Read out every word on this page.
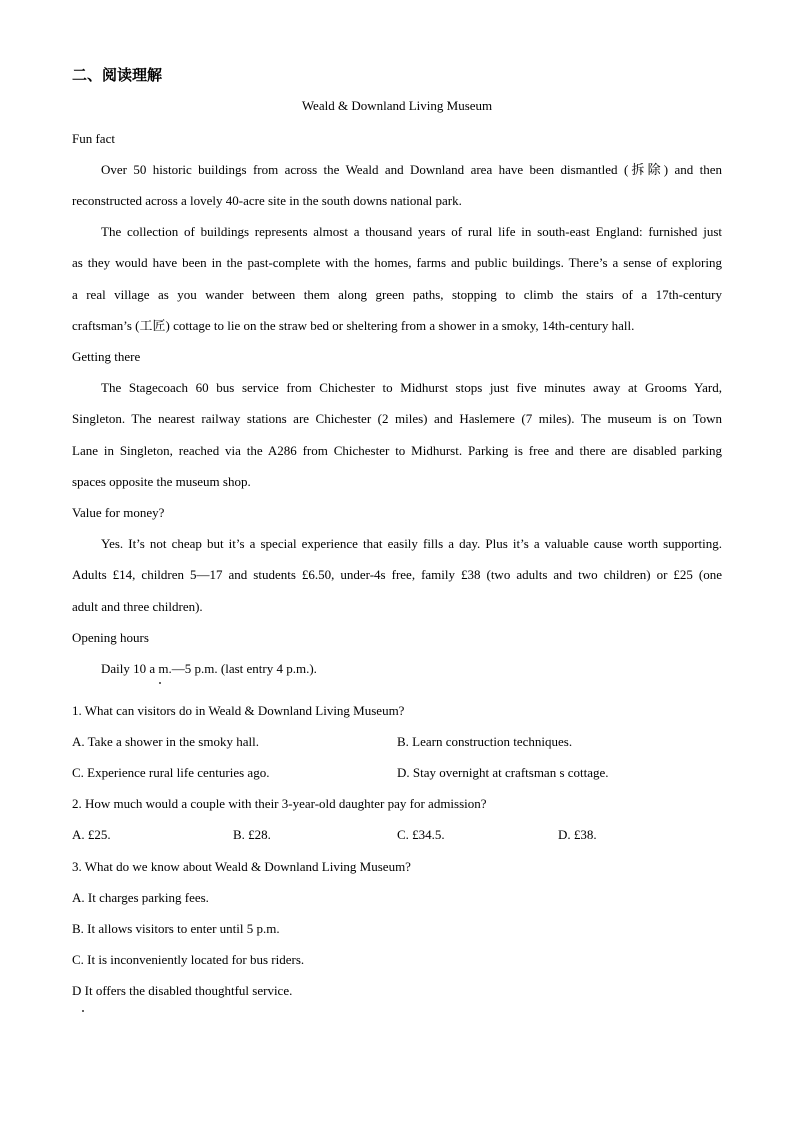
二、阅读理解
Weald & Downland Living Museum
Fun fact
Over 50 historic buildings from across the Weald and Downland area have been dismantled (拆除) and then
reconstructed across a lovely 40-acre site in the south downs national park.
The collection of buildings represents almost a thousand years of rural life in south-east England: furnished just
as they would have been in the past-complete with the homes, farms and public buildings. There’s a sense of exploring
a real village as you wander between them along green paths, stopping to climb the stairs of a 17th-century
craftsman’s (工匠) cottage to lie on the straw bed or sheltering from a shower in a smoky, 14th-century hall.
Getting there
The Stagecoach 60 bus service from Chichester to Midhurst stops just five minutes away at Grooms Yard,
Singleton. The nearest railway stations are Chichester (2 miles) and Haslemere (7 miles). The museum is on Town
Lane in Singleton, reached via the A286 from Chichester to Midhurst. Parking is free and there are disabled parking
spaces opposite the museum shop.
Value for money?
Yes. It’s not cheap but it’s a special experience that easily fills a day. Plus it’s a valuable cause worth supporting.
Adults £14, children 5—17 and students £6.50, under-4s free, family £38 (two adults and two children) or £25 (one
adult and three children).
Opening hours
Daily 10 a m.—5 p.m. (last entry 4 p.m.).
1. What can visitors do in Weald & Downland Living Museum?
A. Take a shower in the smoky hall.	B. Learn construction techniques.
C. Experience rural life centuries ago.	D. Stay overnight at craftsman s cottage.
2. How much would a couple with their 3-year-old daughter pay for admission?
A. £25.	B. £28.	C. £34.5.	D. £38.
3. What do we know about Weald & Downland Living Museum?
A. It charges parking fees.
B. It allows visitors to enter until 5 p.m.
C. It is inconveniently located for bus riders.
D It offers the disabled thoughtful service.
